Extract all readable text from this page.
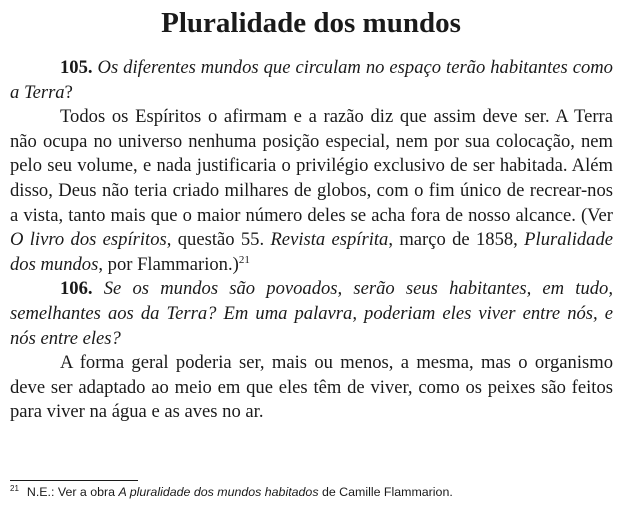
Pluralidade dos mundos

105. Os diferentes mundos que circulam no espaço terão habitantes como a Terra?

Todos os Espíritos o afirmam e a razão diz que assim deve ser. A Terra não ocupa no universo nenhuma posição especial, nem por sua colocação, nem pelo seu volume, e nada justificaria o privilégio exclusivo de ser habitada. Além disso, Deus não teria criado milhares de globos, com o fim único de recrear-nos a vista, tanto mais que o maior número deles se acha fora de nosso alcance. (Ver O livro dos espíritos, questão 55. Revista espírita, março de 1858, Pluralidade dos mundos, por Flammarion.)$^{21}$

106. Se os mundos são povoados, serão seus habitantes, em tudo, semelhantes aos da Terra? Em uma palavra, poderiam eles viver entre nós, e nós entre eles?

A forma geral poderia ser, mais ou menos, a mesma, mas o organismo deve ser adaptado ao meio em que eles têm de viver, como os peixes são feitos para viver na água e as aves no ar.

$^{21}$ N.E.: Ver a obra A pluralidade dos mundos habitados de Camille Flammarion.
